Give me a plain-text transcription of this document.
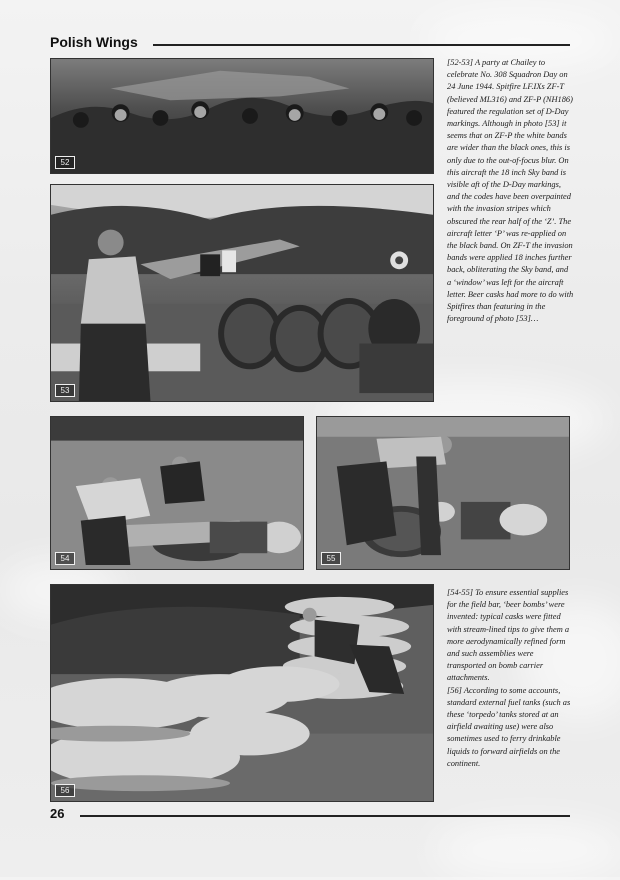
Polish Wings
52
53

[52-53] A party at Chailey to celebrate No. 308 Squadron Day on 24 June 1944. Spitfire LF.IXs ZF-T (believed ML316) and ZF-P (NH186) featured the regulation set of D-Day markings. Although in photo [53] it seems that on ZF-P the white bands are wider than the black ones, this is only due to the out-of-focus blur. On this aircraft the 18 inch Sky band is visible aft of the D-Day markings, and the codes have been overpainted with the invasion stripes which obscured the rear half of the ‘Z’. The aircraft letter ‘P’ was re-applied on the black band. On ZF-T the invasion bands were applied 18 inches further back, obliterating the Sky band, and a ‘window’ was left for the aircraft letter. Beer casks had more to do with Spitfires than featuring in the foreground of photo [53]…

54	55
56

[54-55] To ensure essential supplies for the field bar, ‘beer bombs’ were invented: typical casks were fitted with stream-lined tips to give them a more aerodynamically refined form and such assemblies were transported on bomb carrier attachments.

[56] According to some accounts, standard external fuel tanks (such as these ‘torpedo’ tanks stored at an airfield awaiting use) were also sometimes used to ferry drinkable liquids to forward airfields on the continent.

26
